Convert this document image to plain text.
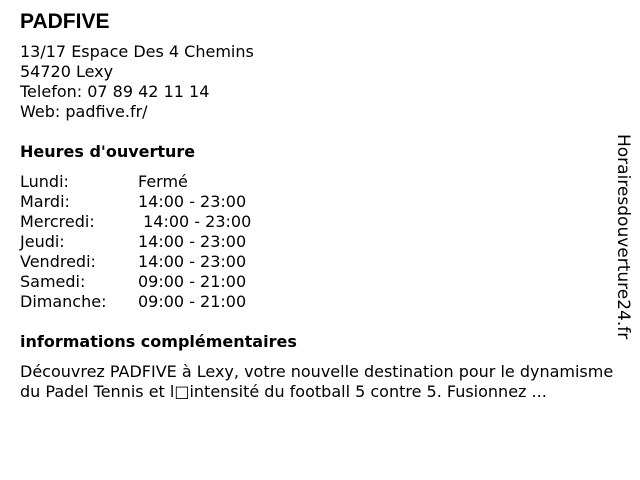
PADFIVE
13/17 Espace Des 4 Chemins
54720 Lexy
Telefon: 07 89 42 11 14
Web: padfive.fr/
Heures d'ouverture
Lundi:	Fermé
Mardi:	14:00 - 23:00
Mercredi:	14:00 - 23:00
Jeudi:	14:00 - 23:00
Vendredi:	14:00 - 23:00
Samedi:	09:00 - 21:00
Dimanche:	09:00 - 21:00
informations complémentaires
Découvrez PADFIVE à Lexy, votre nouvelle destination pour le dynamisme du Padel Tennis et l□intensité du football 5 contre 5. Fusionnez ...
Horairesdouverture24.fr
